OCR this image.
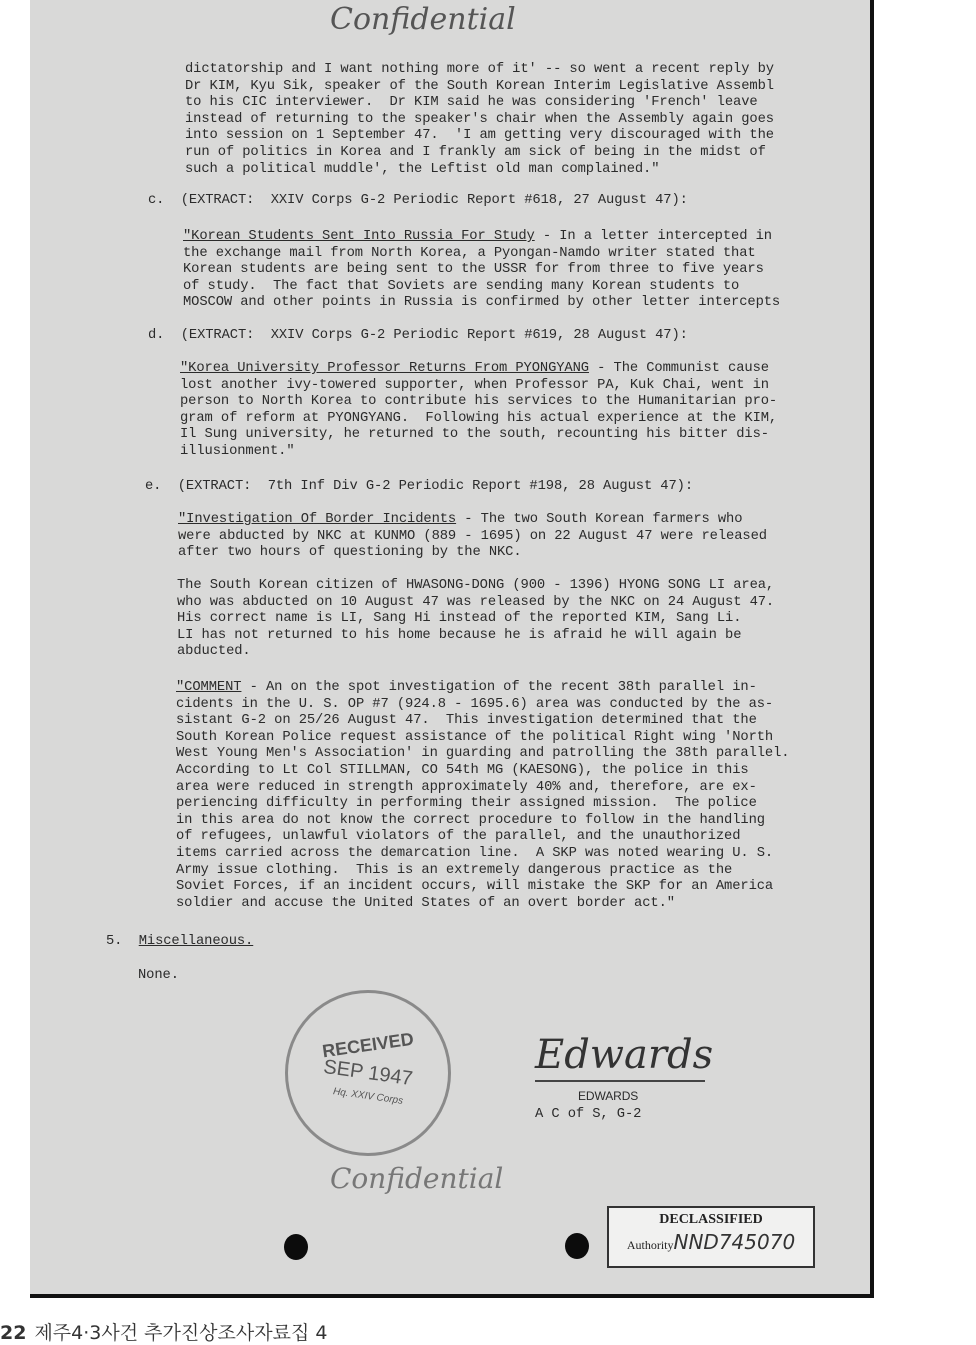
Confidential
dictatorship and I want nothing more of it' -- so went a recent reply by
Dr KIM, Kyu Sik, speaker of the South Korean Interim Legislative Assembl
to his CIC interviewer.  Dr KIM said he was considering 'French' leave
instead of returning to the speaker's chair when the Assembly again goes
into session on 1 September 47.  'I am getting very discouraged with the
run of politics in Korea and I frankly am sick of being in the midst of
such a political muddle', the Leftist old man complained."
c. (EXTRACT:  XXIV Corps G-2 Periodic Report #618, 27 August 47):
"Korean Students Sent Into Russia For Study - In a letter intercepted in
the exchange mail from North Korea, a Pyongan-Namdo writer stated that
Korean students are being sent to the USSR for from three to five years
of study.  The fact that Soviets are sending many Korean students to
MOSCOW and other points in Russia is confirmed by other letter intercepts
d. (EXTRACT:  XXIV Corps G-2 Periodic Report #619, 28 August 47):
"Korea University Professor Returns From PYONGYANG - The Communist cause
lost another ivy-towered supporter, when Professor PA, Kuk Chai, went in
person to North Korea to contribute his services to the Humanitarian pro-
gram of reform at PYONGYANG.  Following his actual experience at the KIM,
Il Sung university, he returned to the south, recounting his bitter dis-
illusionment."
e. (EXTRACT:  7th Inf Div G-2 Periodic Report #198, 28 August 47):
"Investigation Of Border Incidents - The two South Korean farmers who
were abducted by NKC at KUNMO (889 - 1695) on 22 August 47 were released
after two hours of questioning by the NKC.
The South Korean citizen of HWASONG-DONG (900 - 1396) HYONG SONG LI area,
who was abducted on 10 August 47 was released by the NKC on 24 August 47.
His correct name is LI, Sang Hi instead of the reported KIM, Sang Li.
LI has not returned to his home because he is afraid he will again be
abducted.
"COMMENT - An on the spot investigation of the recent 38th parallel in-
cidents in the U. S. OP #7 (924.8 - 1695.6) area was conducted by the as-
sistant G-2 on 25/26 August 47.  This investigation determined that the
South Korean Police request assistance of the political Right wing 'North
West Young Men's Association' in guarding and patrolling the 38th parallel.
According to Lt Col STILLMAN, CO 54th MG (KAESONG), the police in this
area were reduced in strength approximately 40% and, therefore, are ex-
periencing difficulty in performing their assigned mission.  The police
in this area do not know the correct procedure to follow in the handling
of refugees, unlawful violators of the parallel, and the unauthorized
items carried across the demarcation line.  A SKP was noted wearing U. S.
Army issue clothing.  This is an extremely dangerous practice as the
Soviet Forces, if an incident occurs, will mistake the SKP for an America
soldier and accuse the United States of an overt border act."
5. Miscellaneous.
None.
RECEIVED
SEP 1947
Hq. XXIV Corps
Edwards
EDWARDS
A C of S, G-2
Confidential
DECLASSIFIED
AuthorityNND745070
22 제주4·3사건 추가진상조사자료집 4
